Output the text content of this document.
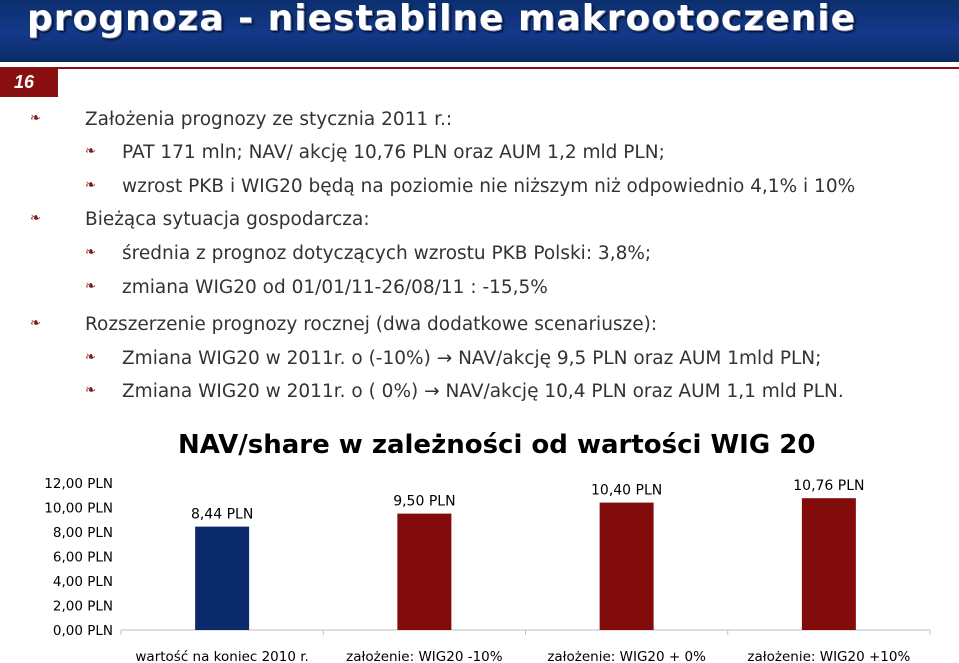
prognoza - niestabilne makrootoczenie
16
❧	Założenia prognozy ze stycznia 2011 r.:
❧	PAT 171 mln; NAV/ akcję 10,76 PLN oraz AUM 1,2 mld PLN;
❧	wzrost PKB i WIG20 będą na poziomie nie niższym niż odpowiednio 4,1% i 10%
❧	Bieżąca sytuacja gospodarcza:
❧	średnia z prognoz dotyczących wzrostu PKB Polski: 3,8%;
❧	zmiana WIG20 od 01/01/11-26/08/11 : -15,5%
❧	Rozszerzenie prognozy rocznej (dwa dodatkowe scenariusze):
❧	Zmiana WIG20 w 2011r. o (-10%) → NAV/akcję 9,5 PLN oraz AUM 1mld PLN;
❧	Zmiana WIG20 w 2011r. o ( 0%) → NAV/akcję 10,4 PLN oraz AUM 1,1 mld PLN.
NAV/share w zależności od wartości WIG 20
0,00 PLN
2,00 PLN
4,00 PLN
6,00 PLN
8,00 PLN
10,00 PLN
12,00 PLN
8,44 PLN
wartość na koniec 2010 r.
9,50 PLN
założenie: WIG20 -10%
10,40 PLN
założenie: WIG20 + 0%
10,76 PLN
założenie: WIG20 +10%
